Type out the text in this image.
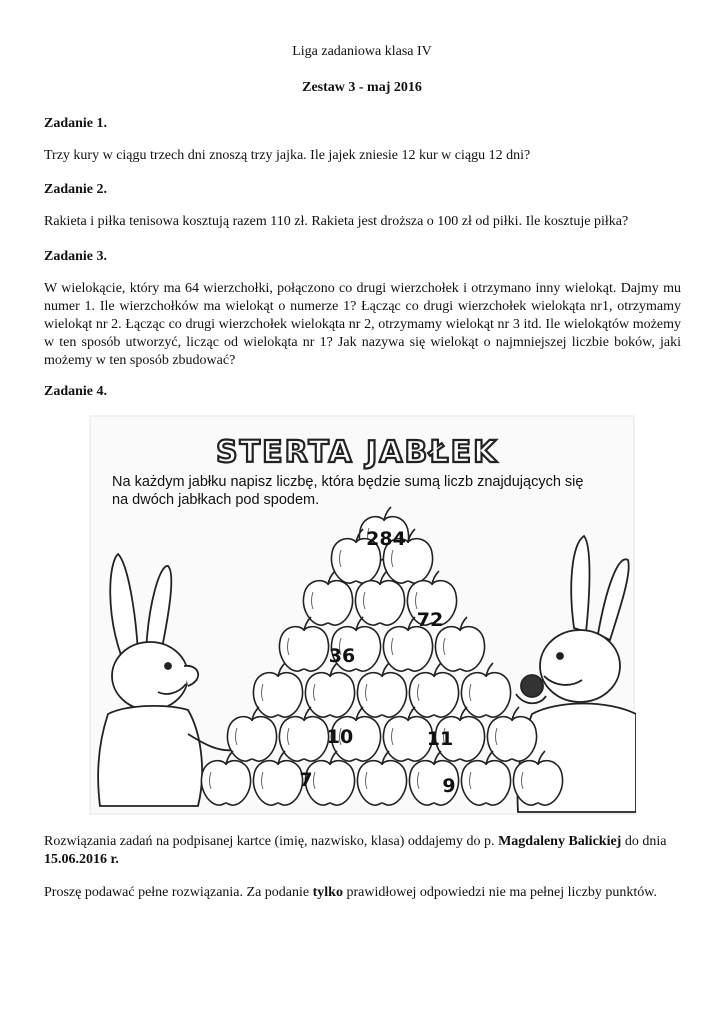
Liga zadaniowa klasa IV
Zestaw 3 - maj 2016
Zadanie 1.
Trzy kury w ciągu trzech dni znoszą trzy jajka. Ile jajek zniesie 12 kur w ciągu 12 dni?
Zadanie 2.
Rakieta i piłka tenisowa kosztują razem 110 zł. Rakieta jest droższa o 100 zł od piłki. Ile kosztuje piłka?
Zadanie 3.
W wielokącie, który ma 64 wierzchołki, połączono co drugi wierzchołek i otrzymano inny wielokąt. Dajmy mu numer 1. Ile wierzchołków ma wielokąt o numerze 1? Łącząc co drugi wierzchołek wielokąta nr1, otrzymamy wielokąt nr 2. Łącząc co drugi wierzchołek wielokąta nr 2, otrzymamy wielokąt nr 3 itd. Ile wielokątów możemy w ten sposób utworzyć, licząc od wielokąta nr 1? Jak nazywa się wielokąt o najmniejszej liczbie boków, jaki możemy w ten sposób zbudować?
Zadanie 4.
STERTA JABŁEK
Na każdym jabłku napisz liczbę, która będzie sumą liczb znajdujących się
na dwóch jabłkach pod spodem.
284
72
36
10	11
7	9
Rozwiązania zadań na podpisanej kartce (imię, nazwisko, klasa) oddajemy do p. Magdaleny Balickiej do dnia 15.06.2016 r.
Proszę podawać pełne rozwiązania. Za podanie tylko prawidłowej odpowiedzi nie ma pełnej liczby punktów.
